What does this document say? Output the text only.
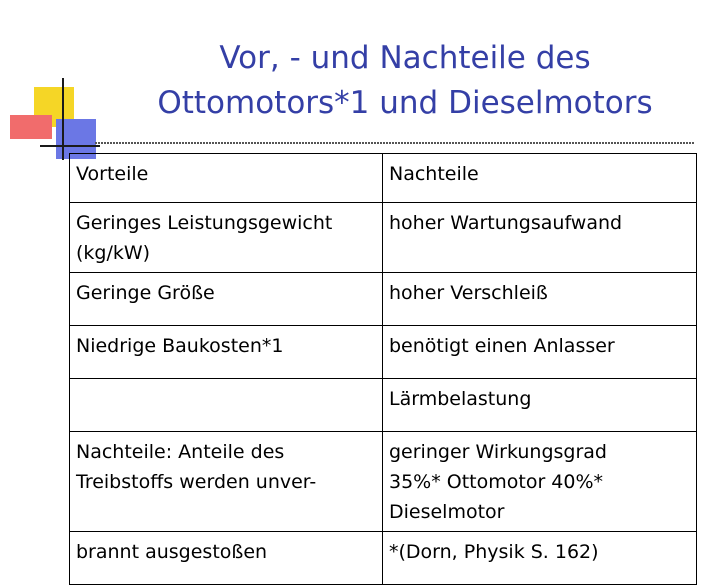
Vor, - und Nachteile des
Ottomotors*1 und Dieselmotors
Vorteile	Nachteile
Geringes Leistungsgewicht
(kg/kW)	hoher Wartungsaufwand
Geringe Größe	hoher Verschleiß
Niedrige Baukosten*1	benötigt einen Anlasser
	Lärmbelastung
Nachteile: Anteile des
Treibstoffs werden unver-	geringer Wirkungsgrad
35%* Ottomotor 40%*
Dieselmotor
brannt ausgestoßen	*(Dorn, Physik S. 162)
